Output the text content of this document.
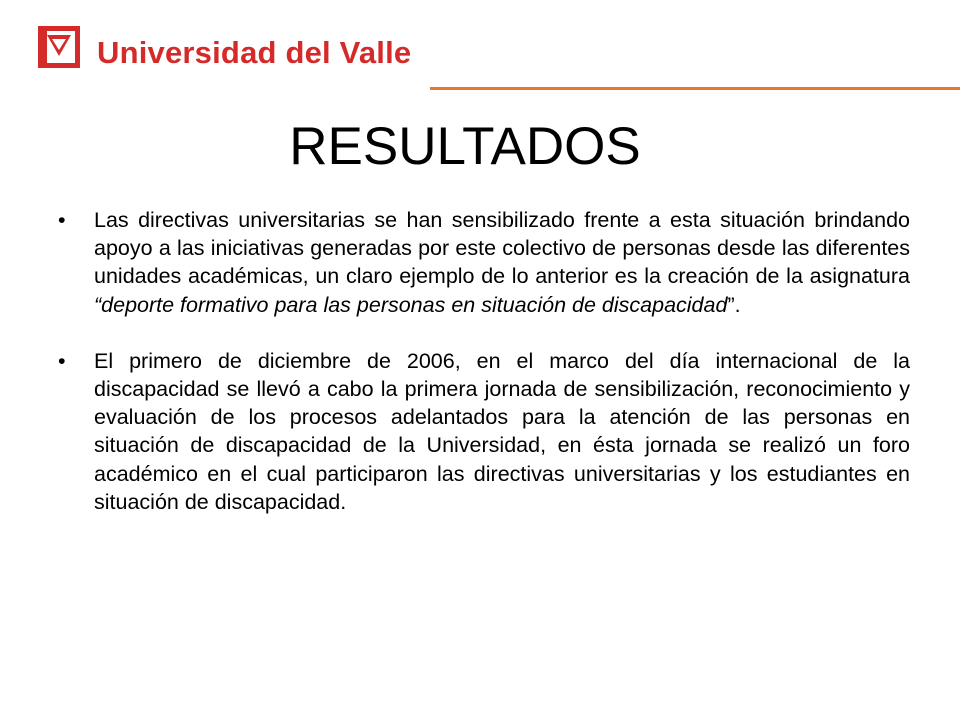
Universidad del Valle
RESULTADOS
•	Las directivas universitarias se han sensibilizado frente a esta situación brindando apoyo a las iniciativas generadas por este colectivo de personas desde las diferentes unidades académicas, un claro ejemplo de lo anterior es la creación de la asignatura “deporte formativo para las personas en situación de discapacidad”.
•	El primero de diciembre de 2006, en el marco del día internacional de la discapacidad se llevó a cabo la primera jornada de sensibilización, reconocimiento y evaluación de los procesos adelantados para la atención de las personas en situación de discapacidad de la Universidad, en ésta jornada se realizó un foro académico en el cual participaron las directivas universitarias y los estudiantes en situación de discapacidad.
